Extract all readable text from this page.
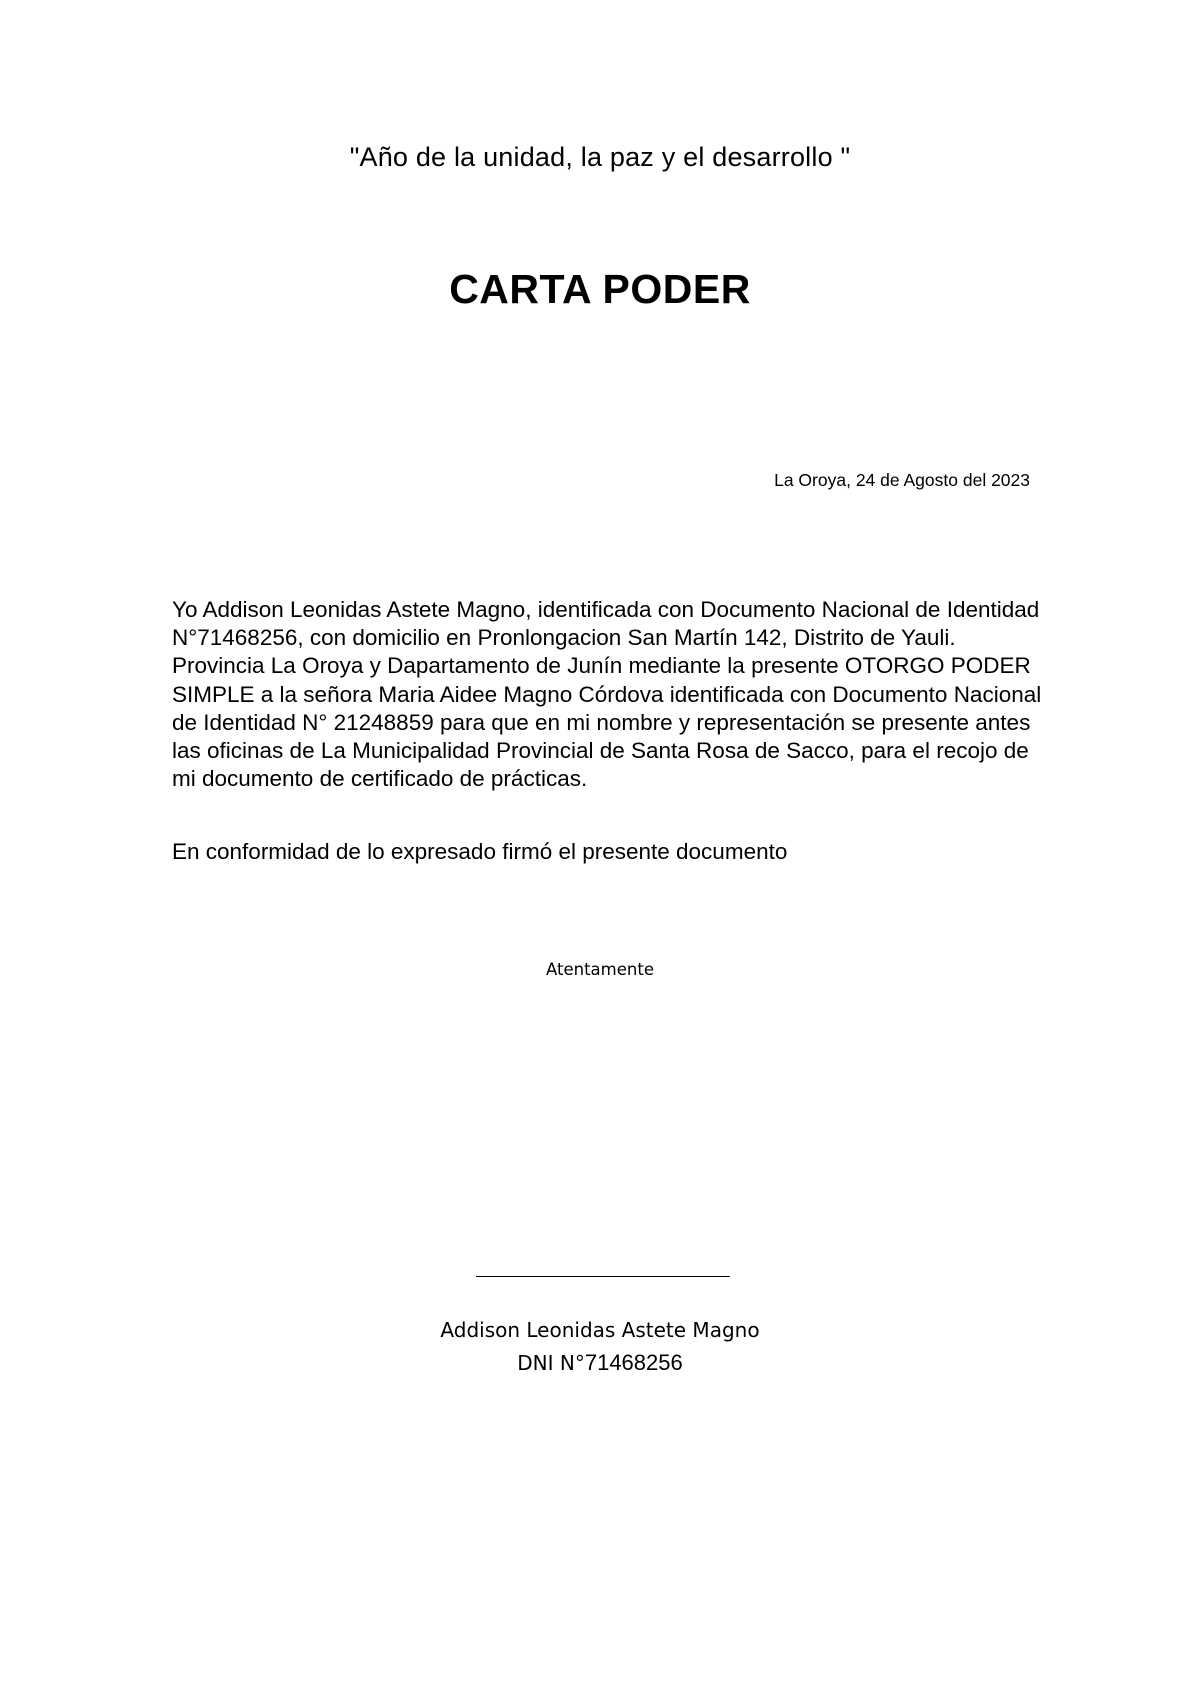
"Año de la unidad, la paz y el desarrollo "
CARTA PODER
La Oroya, 24 de Agosto del 2023

Yo Addison Leonidas Astete Magno, identificada con Documento Nacional de Identidad N°71468256, con domicilio en Pronlongacion San Martín 142, Distrito de Yauli. Provincia La Oroya y Dapartamento de Junín mediante la presente OTORGO PODER SIMPLE a la señora Maria Aidee Magno Córdova identificada con Documento Nacional de Identidad N° 21248859 para que en mi nombre y representación se presente antes las oficinas de La Municipalidad Provincial de Santa Rosa de Sacco, para el recojo de mi documento de certificado de prácticas.

En conformidad de lo expresado firmó el presente documento
Atentamente
Addison Leonidas Astete Magno
DNI N°71468256
